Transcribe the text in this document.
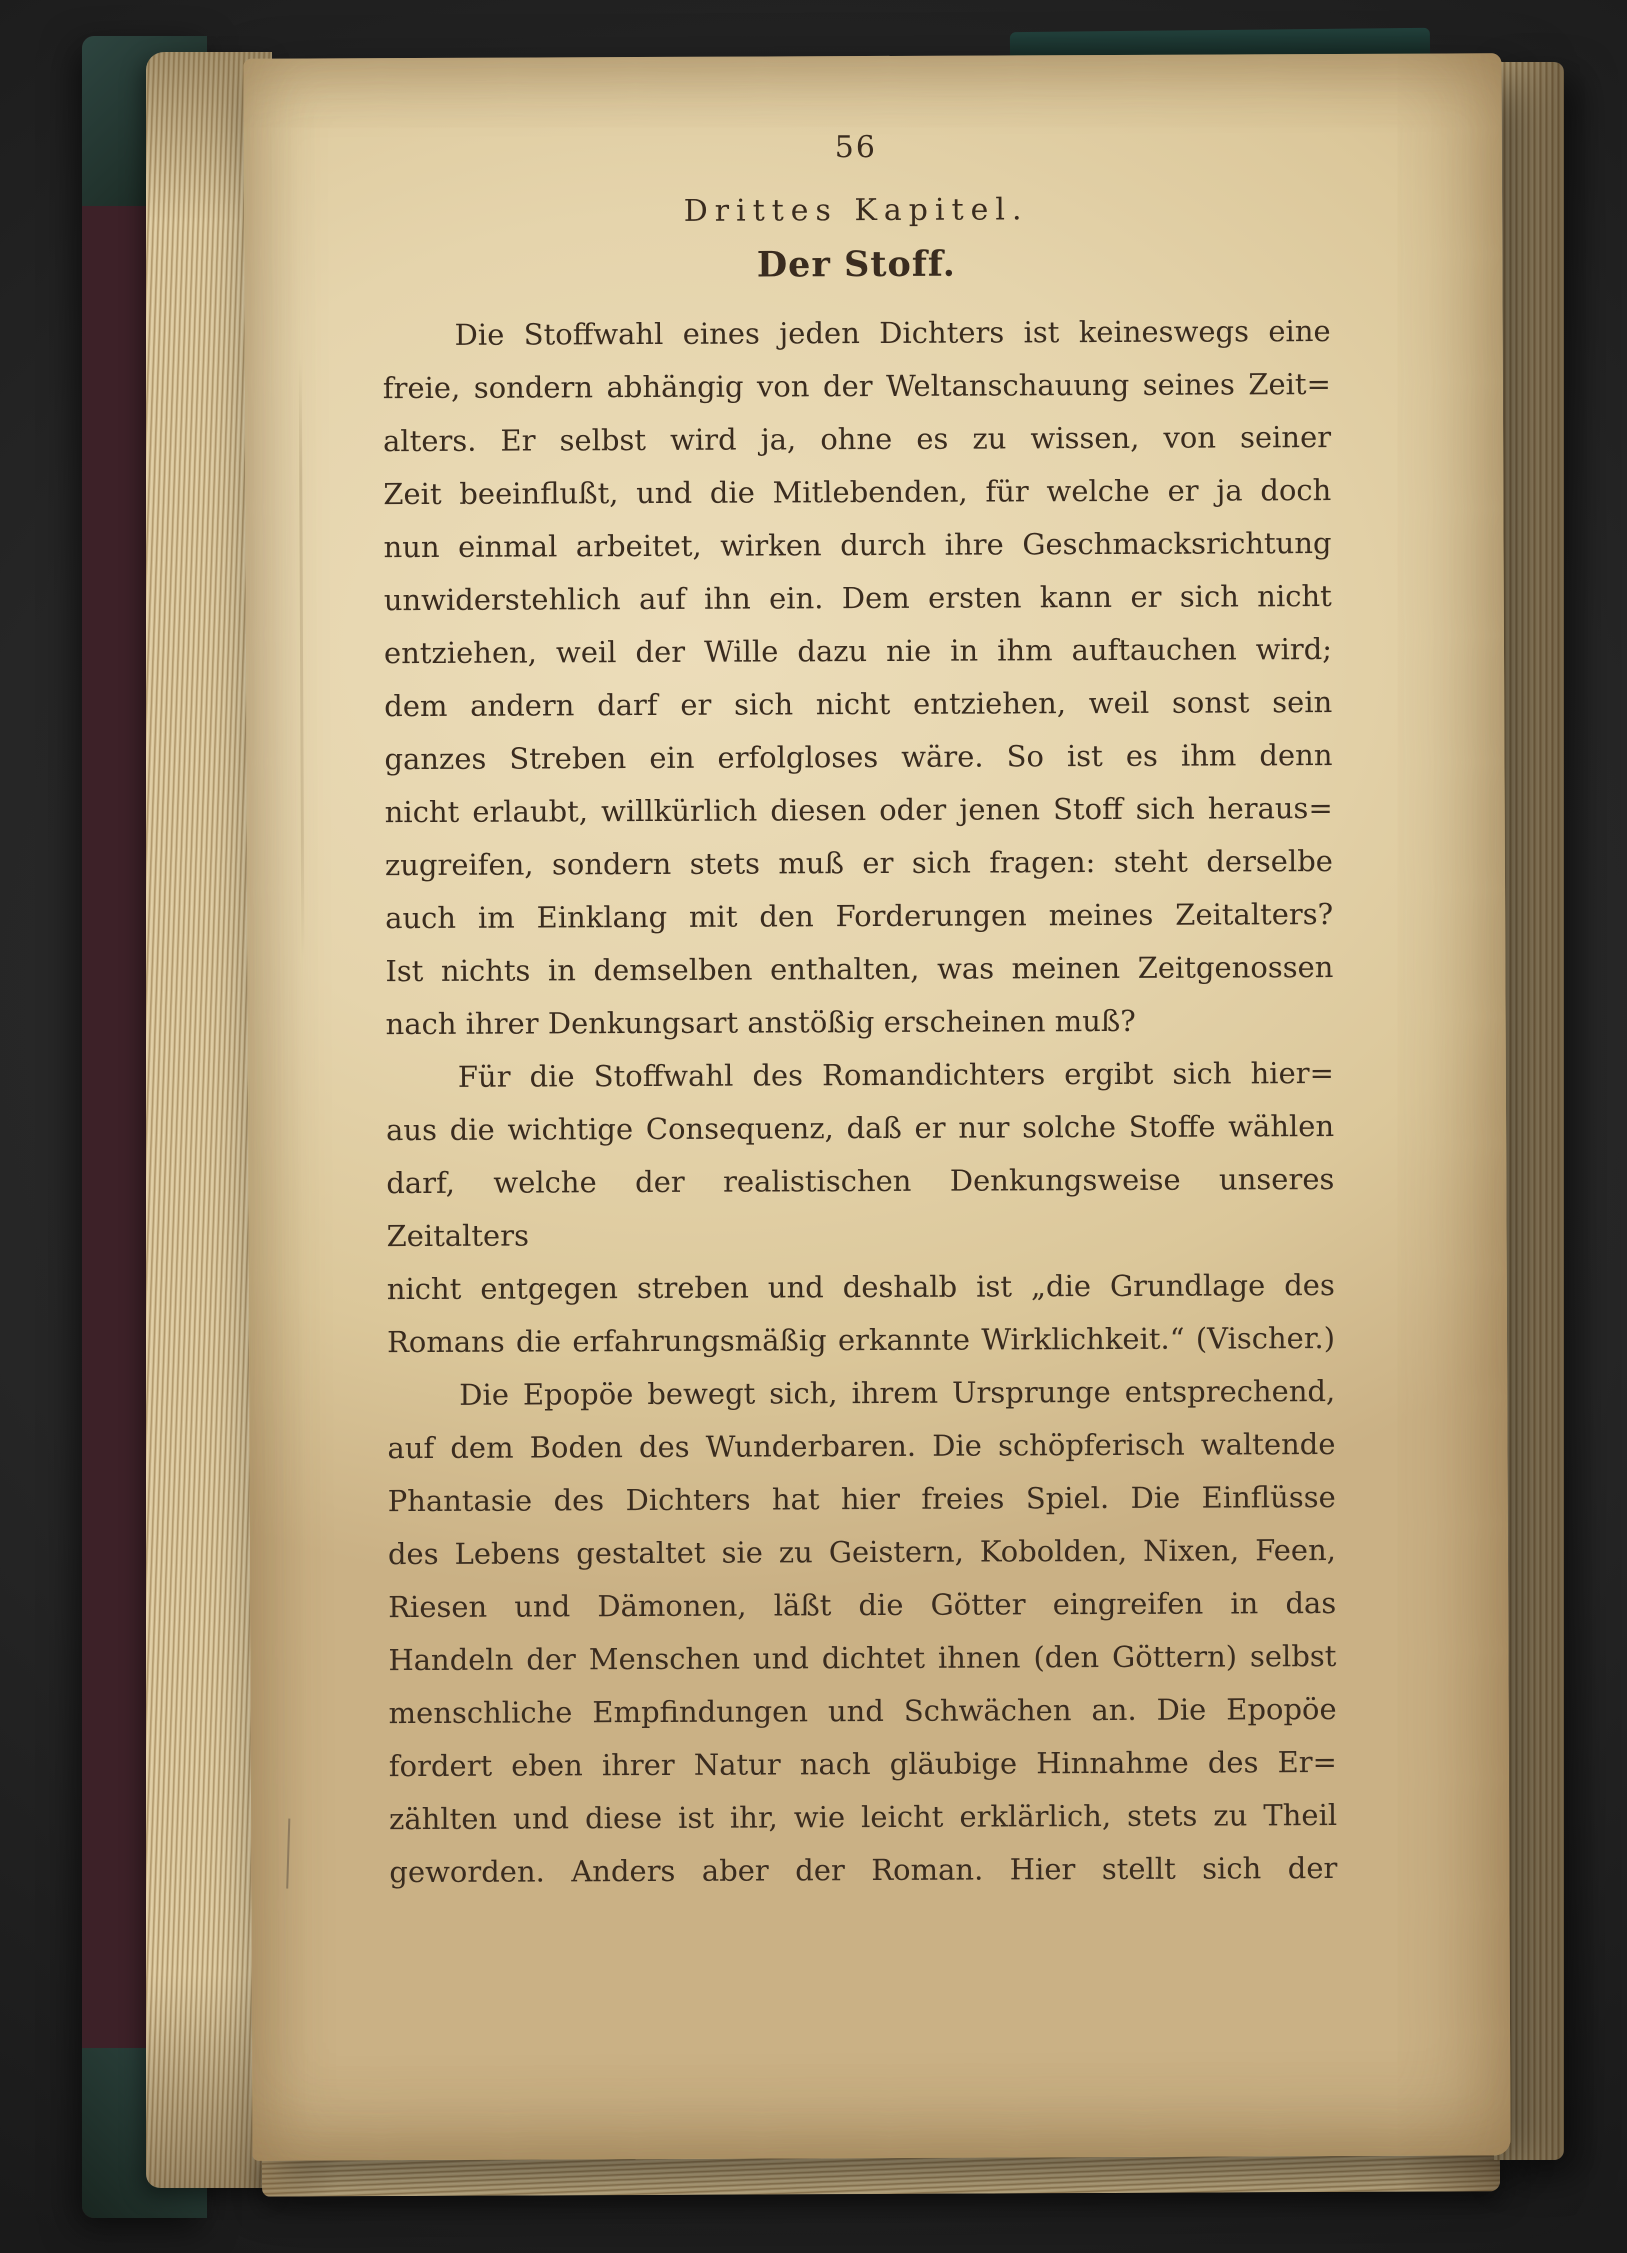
56
Drittes Kapitel.
Der Stoff.
Die Stoffwahl eines jeden Dichters ist keineswegs eine
freie, sondern abhängig von der Weltanschauung seines Zeit=
alters. Er selbst wird ja, ohne es zu wissen, von seiner
Zeit beeinflußt, und die Mitlebenden, für welche er ja doch
nun einmal arbeitet, wirken durch ihre Geschmacksrichtung
unwiderstehlich auf ihn ein. Dem ersten kann er sich nicht
entziehen, weil der Wille dazu nie in ihm auftauchen wird;
dem andern darf er sich nicht entziehen, weil sonst sein
ganzes Streben ein erfolgloses wäre. So ist es ihm denn
nicht erlaubt, willkürlich diesen oder jenen Stoff sich heraus=
zugreifen, sondern stets muß er sich fragen: steht derselbe
auch im Einklang mit den Forderungen meines Zeitalters?
Ist nichts in demselben enthalten, was meinen Zeitgenossen
nach ihrer Denkungsart anstößig erscheinen muß?
Für die Stoffwahl des Romandichters ergibt sich hier=
aus die wichtige Consequenz, daß er nur solche Stoffe wählen
darf, welche der realistischen Denkungsweise unseres Zeitalters
nicht entgegen streben und deshalb ist „die Grundlage des
Romans die erfahrungsmäßig erkannte Wirklichkeit.“ (Vischer.)
Die Epopöe bewegt sich, ihrem Ursprunge entsprechend,
auf dem Boden des Wunderbaren. Die schöpferisch waltende
Phantasie des Dichters hat hier freies Spiel. Die Einflüsse
des Lebens gestaltet sie zu Geistern, Kobolden, Nixen, Feen,
Riesen und Dämonen, läßt die Götter eingreifen in das
Handeln der Menschen und dichtet ihnen (den Göttern) selbst
menschliche Empfindungen und Schwächen an. Die Epopöe
fordert eben ihrer Natur nach gläubige Hinnahme des Er=
zählten und diese ist ihr, wie leicht erklärlich, stets zu Theil
geworden. Anders aber der Roman. Hier stellt sich der
